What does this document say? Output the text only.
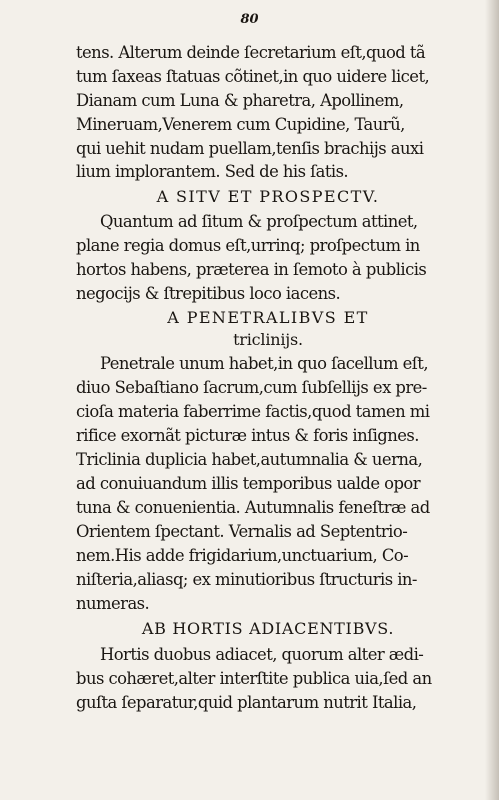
80
tens. Alterum deinde ſecretarium eſt,quod tã
tum ſaxeas ſtatuas cõtinet,in quo uidere licet,
Dianam cum Luna & pharetra, Apollinem,
Mineruam,Venerem cum Cupidine, Taurũ,
qui uehit nudam puellam,tenſis brachijs auxi
lium implorantem. Sed de his ſatis.
A SITV ET PROSPECTV.
Quantum ad ſitum & proſpectum attinet,
plane regia domus eſt,urrinq; proſpectum in
hortos habens, præterea in ſemoto à publicis
negocijs & ſtrepitibus loco iacens.
A PENETRALIBVS ET
triclinijs.
Penetrale unum habet,in quo ſacellum eſt,
diuo Sebaſtiano ſacrum,cum ſubſellijs ex pre-
cioſa materia faberrime factis,quod tamen mi
rifice exornãt picturæ intus & foris inſignes.
Triclinia duplicia habet,autumnalia & uerna,
ad conuiuandum illis temporibus ualde opor
tuna & conuenientia. Autumnalis feneſtræ ad
Orientem ſpectant. Vernalis ad Septentrio-
nem.His adde frigidarium,unctuarium, Co-
niſteria,aliasq; ex minutioribus ſtructuris in-
numeras.
AB HORTIS ADIACENTIBVS.
Hortis duobus adiacet, quorum alter ædi-
bus cohæret,alter interſtite publica uia,ſed an
guſta ſeparatur,quid plantarum nutrit Italia,
